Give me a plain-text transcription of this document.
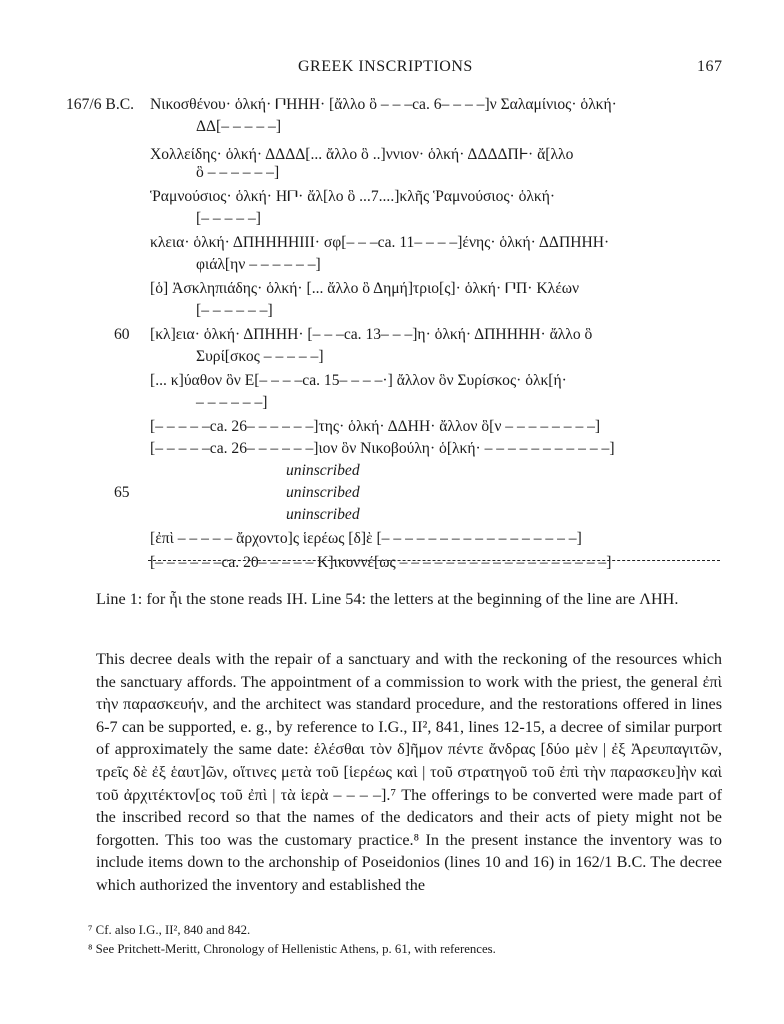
GREEK INSCRIPTIONS	167
167/6 B.C. Νικοσθένου· ὁλκή· 𐅃ΗΗΗ· [ἄλλο ὃ – – –ca. 6– – – –]ν Σαλαμίνιος· ὁλκή·
ΔΔ[– – – – –]
Χολλείδης· ὁλκή· ΔΔΔΔ[... ἄλλο ὃ ..]ννιον· ὁλκή· ΔΔΔΔΠ𐅂· ἄ[λλο
ὃ – – – – – –]
Ῥαμνούσιος· ὁλκή· Η𐅃· ἄλ[λο ὃ ...7....]κλῆς Ῥαμνούσιος· ὁλκή·
[– – – – –]
κλεια· ὁλκή· ΔΠΗΗΗΗΙΙΙ· σφ[– – –ca. 11– – – –]ένης· ὁλκή· ΔΔΠΗΗΗ·
φιάλ[ην – – – – – –]
[ὁ] Ἀσκληπιάδης· ὁλκή· [... ἄλλο ὃ Δημή]τριο[ς]· ὁλκή· 𐅃Π· Κλέων
[– – – – – –]
60 [κλ]εια· ὁλκή· ΔΠΗΗΗ· [– – –ca. 13– – –]η· ὁλκή· ΔΠΗΗΗΗ· ἄλλο ὃ
Συρί[σκος – – – – –]
[... κ]ύαθον ὃν Ε[– – – –ca. 15– – – –·] ἄλλον ὃν Συρίσκος· ὁλκ[ή·
– – – – – –]
[– – – – –ca. 26– – – – – –]της· ὁλκή· ΔΔΗΗ· ἄλλον ὃ[ν – – – – – – – –]
[– – – – –ca. 26– – – – – –]ιον ὃν Νικοβούλη· ὁ[λκή· – – – – – – – – – – –]
uninscribed
65	uninscribed
uninscribed
[ἐπὶ – – – – – ἄρχοντο]ς ἱερέως [δ]ὲ [– – – – – – – – – – – – – – – – –]
[– – – – – –ca. 20– – – – – Κ]ικυννέ[ως – – – – – – – – – – – – – – – – – –]
Line 1: for ἦι the stone reads ΙΗ. Line 54: the letters at the beginning of the line are ΛΗΗ.
This decree deals with the repair of a sanctuary and with the reckoning of the resources which the sanctuary affords. The appointment of a commission to work with the priest, the general ἐπὶ τὴν παρασκευήν, and the architect was standard procedure, and the restorations offered in lines 6-7 can be supported, e. g., by reference to I.G., II², 841, lines 12-15, a decree of similar purport of approximately the same date: ἑλέσθαι τὸν δ]ῆμον πέντε ἄνδρας [δύο μὲν | ἐξ Ἀρευπαγιτῶν, τρεῖς δὲ ἐξ ἑαυτ]ῶν, οἵτινες μετὰ τοῦ [ἱερέως καὶ | τοῦ στρατηγοῦ τοῦ ἐπὶ τὴν παρασκευ]ὴν καὶ τοῦ ἀρχιτέκτον[ος τοῦ ἐπὶ | τὰ ἱερὰ – – – –].⁷ The offerings to be converted were made part of the inscribed record so that the names of the dedicators and their acts of piety might not be forgotten. This too was the customary practice.⁸ In the present instance the inventory was to include items down to the archonship of Poseidonios (lines 10 and 16) in 162/1 B.C. The decree which authorized the inventory and established the
⁷ Cf. also I.G., II², 840 and 842.
⁸ See Pritchett-Meritt, Chronology of Hellenistic Athens, p. 61, with references.
